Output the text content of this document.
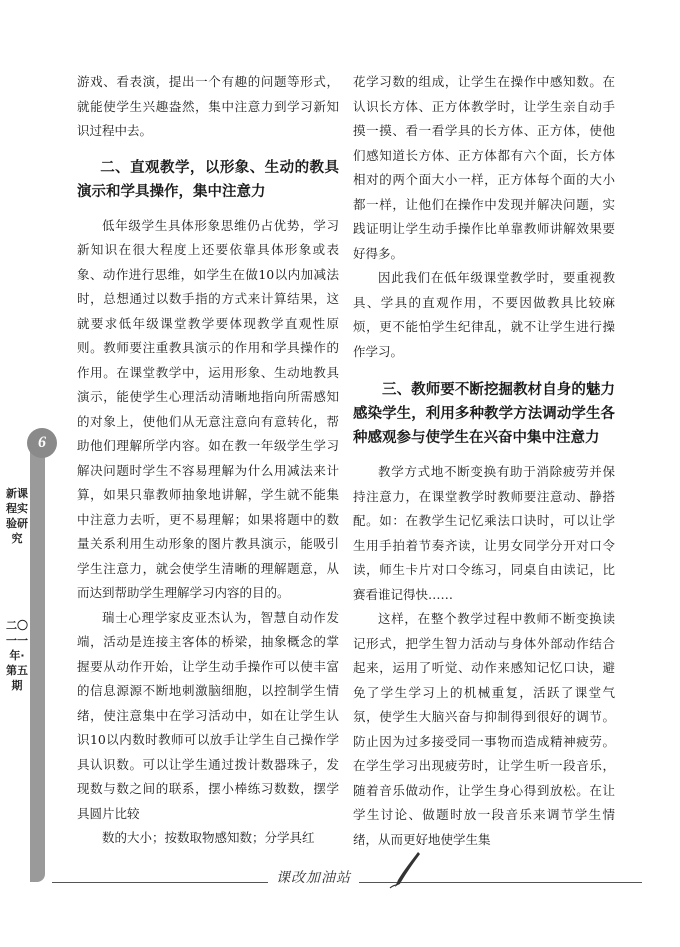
6
新课程实验研究
二〇一一年·第五期

游戏、看表演，提出一个有趣的问题等形式，就能使学生兴趣盎然，集中注意力到学习新知识过程中去。

二、直观教学，以形象、生动的教具演示和学具操作，集中注意力

低年级学生具体形象思维仍占优势，学习新知识在很大程度上还要依靠具体形象或表象、动作进行思维，如学生在做10以内加减法时，总想通过以数手指的方式来计算结果，这就要求低年级课堂教学要体现教学直观性原则。教师要注重教具演示的作用和学具操作的作用。在课堂教学中，运用形象、生动地教具演示，能使学生心理活动清晰地指向所需感知的对象上，使他们从无意注意向有意转化，帮助他们理解所学内容。如在教一年级学生学习解决问题时学生不容易理解为什么用减法来计算，如果只靠教师抽象地讲解，学生就不能集中注意力去听，更不易理解；如果将题中的数量关系利用生动形象的图片教具演示，能吸引学生注意力，就会使学生清晰的理解题意，从而达到帮助学生理解学习内容的目的。

瑞士心理学家皮亚杰认为，智慧自动作发端，活动是连接主客体的桥梁，抽象概念的掌握要从动作开始，让学生动手操作可以使丰富的信息源源不断地刺激脑细胞，以控制学生情绪，使注意集中在学习活动中，如在让学生认识10以内数时教师可以放手让学生自己操作学具认识数。可以让学生通过拨计数器珠子，发现数与数之间的联系，摆小棒练习数数，摆学具圆片比较

数的大小；按数取物感知数；分学具红

花学习数的组成，让学生在操作中感知数。在认识长方体、正方体教学时，让学生亲自动手摸一摸、看一看学具的长方体、正方体，使他们感知道长方体、正方体都有六个面，长方体相对的两个面大小一样，正方体每个面的大小都一样，让他们在操作中发现并解决问题，实践证明让学生动手操作比单靠教师讲解效果要好得多。

因此我们在低年级课堂教学时，要重视教具、学具的直观作用，不要因做教具比较麻烦，更不能怕学生纪律乱，就不让学生进行操作学习。

三、教师要不断挖掘教材自身的魅力感染学生，利用多种教学方法调动学生各种感观参与使学生在兴奋中集中注意力

教学方式地不断变换有助于消除疲劳并保持注意力，在课堂教学时教师要注意动、静搭配。如：在教学生记忆乘法口诀时，可以让学生用手拍着节奏齐读，让男女同学分开对口令读，师生卡片对口令练习，同桌自由读记，比赛看谁记得快……

这样，在整个教学过程中教师不断变换读记形式，把学生智力活动与身体外部动作结合起来，运用了听觉、动作来感知记忆口诀，避免了学生学习上的机械重复，活跃了课堂气氛，使学生大脑兴奋与抑制得到很好的调节。防止因为过多接受同一事物而造成精神疲劳。在学生学习出现疲劳时，让学生听一段音乐，随着音乐做动作，让学生身心得到放松。在让学生讨论、做题时放一段音乐来调节学生情绪，从而更好地使学生集

课改加油站
